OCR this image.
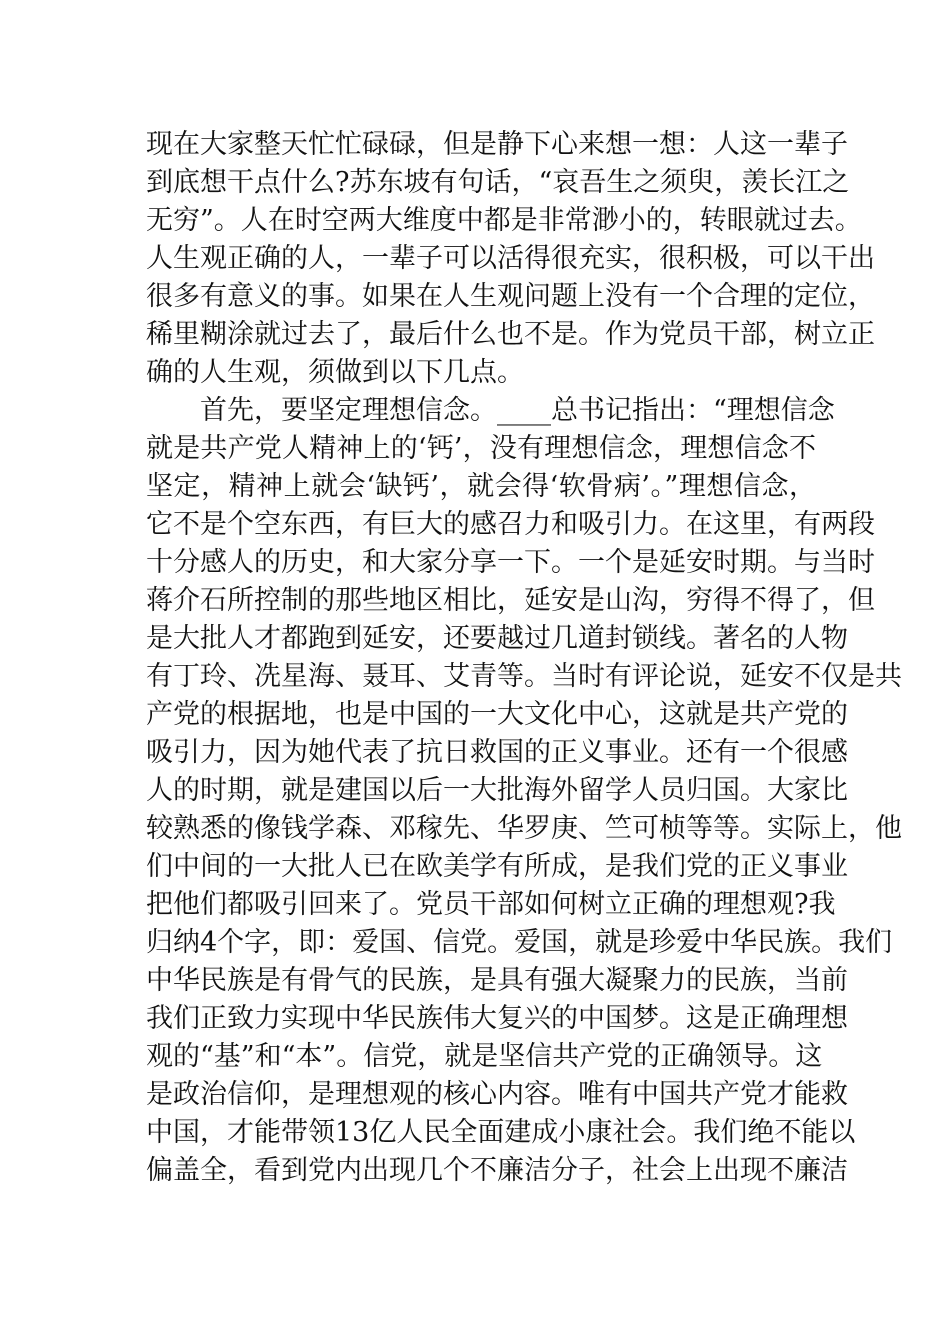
现在大家整天忙忙碌碌，但是静下心来想一想：人这一辈子
到底想干点什么?苏东坡有句话，“哀吾生之须臾，羡长江之
无穷”。人在时空两大维度中都是非常渺小的，转眼就过去。
人生观正确的人，一辈子可以活得很充实，很积极，可以干出
很多有意义的事。如果在人生观问题上没有一个合理的定位，
稀里糊涂就过去了，最后什么也不是。作为党员干部，树立正
确的人生观，须做到以下几点。
　　首先，要坚定理想信念。____总书记指出：“理想信念
就是共产党人精神上的‘钙’，没有理想信念，理想信念不
坚定，精神上就会‘缺钙’，就会得‘软骨病’。”理想信念，
它不是个空东西，有巨大的感召力和吸引力。在这里，有两段
十分感人的历史，和大家分享一下。一个是延安时期。与当时
蒋介石所控制的那些地区相比，延安是山沟，穷得不得了，但
是大批人才都跑到延安，还要越过几道封锁线。著名的人物
有丁玲、冼星海、聂耳、艾青等。当时有评论说，延安不仅是共
产党的根据地，也是中国的一大文化中心，这就是共产党的
吸引力，因为她代表了抗日救国的正义事业。还有一个很感
人的时期，就是建国以后一大批海外留学人员归国。大家比
较熟悉的像钱学森、邓稼先、华罗庚、竺可桢等等。实际上，他
们中间的一大批人已在欧美学有所成，是我们党的正义事业
把他们都吸引回来了。党员干部如何树立正确的理想观?我
归纳4个字，即：爱国、信党。爱国，就是珍爱中华民族。我们
中华民族是有骨气的民族，是具有强大凝聚力的民族，当前
我们正致力实现中华民族伟大复兴的中国梦。这是正确理想
观的“基”和“本”。信党，就是坚信共产党的正确领导。这
是政治信仰，是理想观的核心内容。唯有中国共产党才能救
中国，才能带领13亿人民全面建成小康社会。我们绝不能以
偏盖全，看到党内出现几个不廉洁分子，社会上出现不廉洁
